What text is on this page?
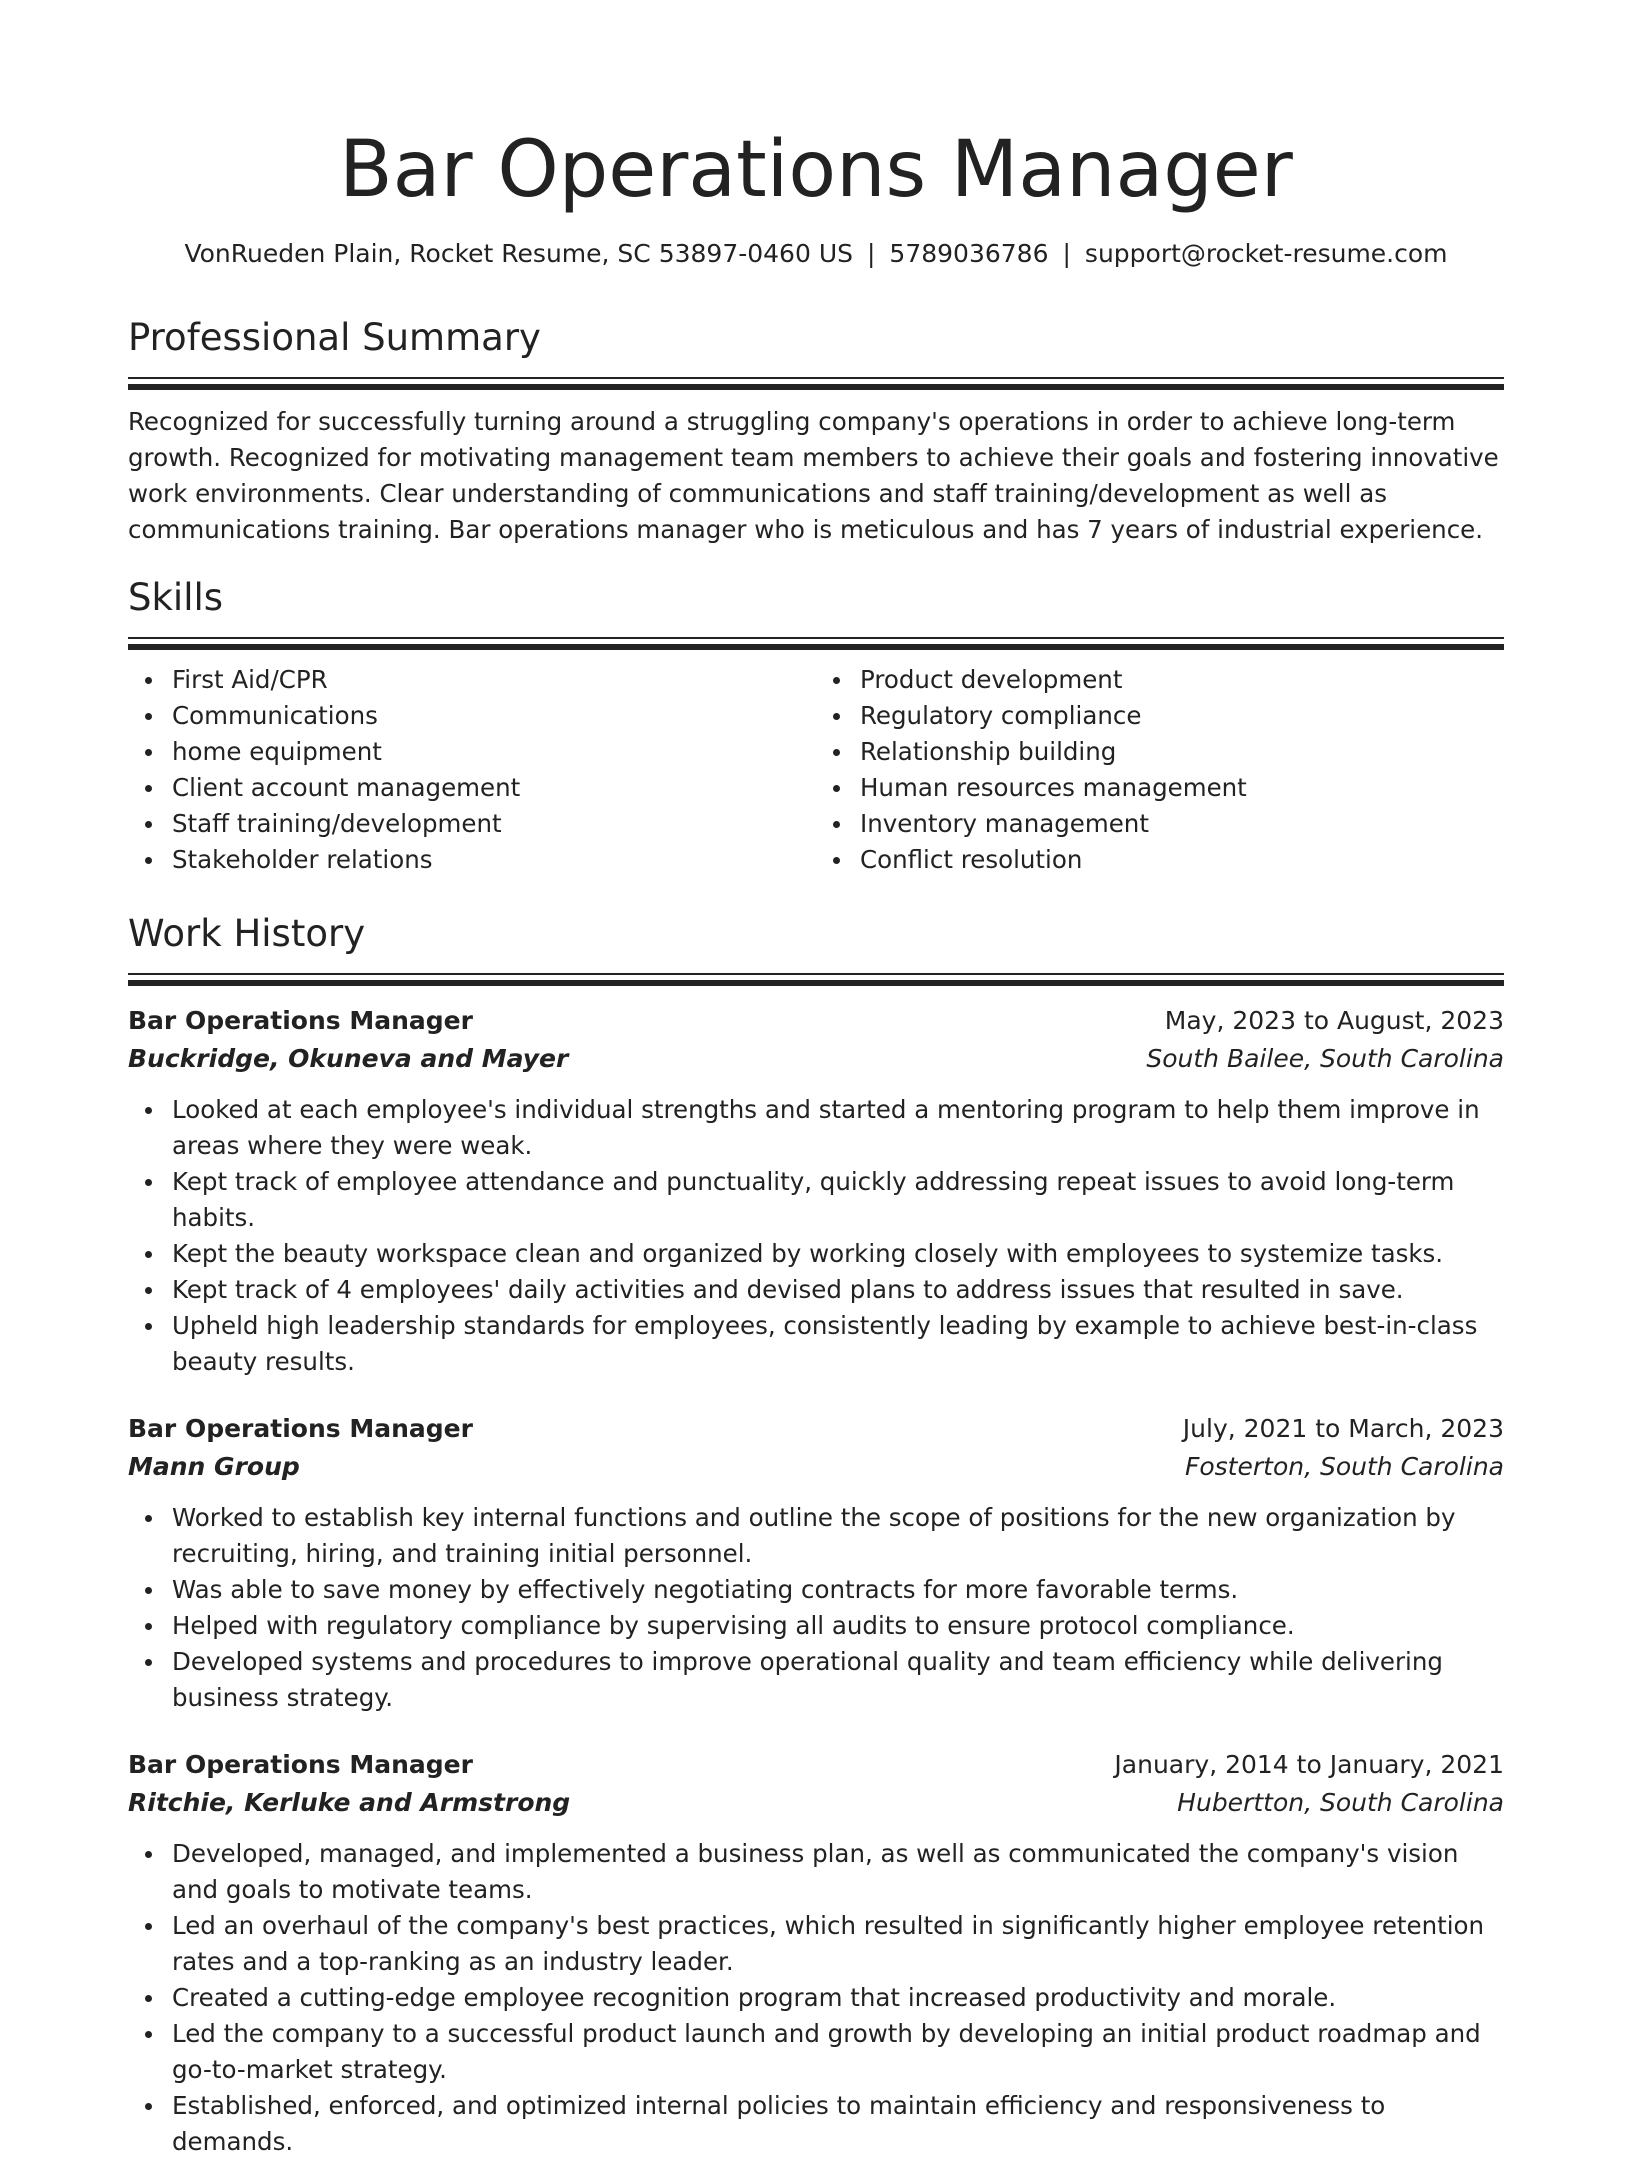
Bar Operations Manager
VonRueden Plain, Rocket Resume, SC 53897-0460 US | 5789036786 | support@rocket-resume.com
Professional Summary

Recognized for successfully turning around a struggling company's operations in order to achieve long-term growth. Recognized for motivating management team members to achieve their goals and fostering innovative work environments. Clear understanding of communications and staff training/development as well as communications training. Bar operations manager who is meticulous and has 7 years of industrial experience.

Skills
First Aid/CPR
Communications
home equipment
Client account management
Staff training/development
Stakeholder relations
Product development
Regulatory compliance
Relationship building
Human resources management
Inventory management
Conflict resolution
Work History
Bar Operations Manager	May, 2023 to August, 2023
Buckridge, Okuneva and Mayer	South Bailee, South Carolina
Looked at each employee's individual strengths and started a mentoring program to help them improve in areas where they were weak.
Kept track of employee attendance and punctuality, quickly addressing repeat issues to avoid long-term habits.
Kept the beauty workspace clean and organized by working closely with employees to systemize tasks.
Kept track of 4 employees' daily activities and devised plans to address issues that resulted in save.
Upheld high leadership standards for employees, consistently leading by example to achieve best-in-class beauty results.
Bar Operations Manager	July, 2021 to March, 2023
Mann Group	Fosterton, South Carolina
Worked to establish key internal functions and outline the scope of positions for the new organization by recruiting, hiring, and training initial personnel.
Was able to save money by effectively negotiating contracts for more favorable terms.
Helped with regulatory compliance by supervising all audits to ensure protocol compliance.
Developed systems and procedures to improve operational quality and team efficiency while delivering business strategy.
Bar Operations Manager	January, 2014 to January, 2021
Ritchie, Kerluke and Armstrong	Hubertton, South Carolina
Developed, managed, and implemented a business plan, as well as communicated the company's vision and goals to motivate teams.
Led an overhaul of the company's best practices, which resulted in significantly higher employee retention rates and a top-ranking as an industry leader.
Created a cutting-edge employee recognition program that increased productivity and morale.
Led the company to a successful product launch and growth by developing an initial product roadmap and go-to-market strategy.
Established, enforced, and optimized internal policies to maintain efficiency and responsiveness to demands.
